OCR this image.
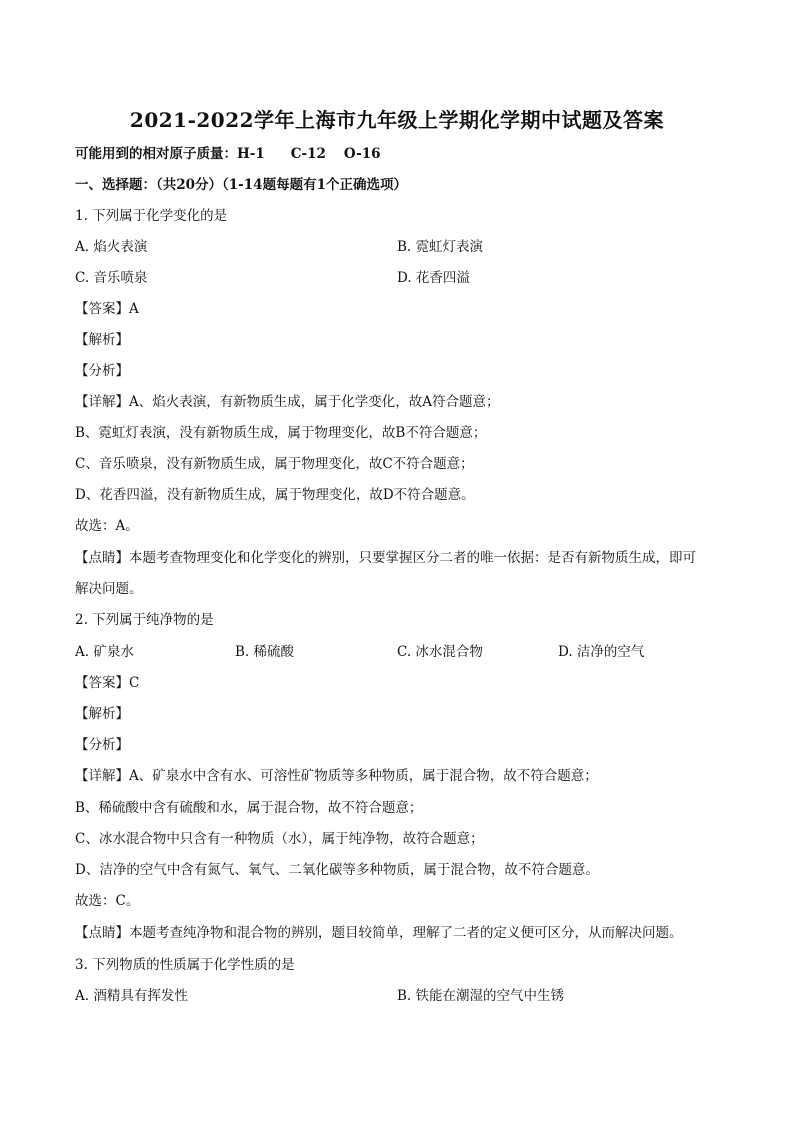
2021-2022学年上海市九年级上学期化学期中试题及答案
可能用到的相对原子质量：H-1 C-12 O-16
一、选择题：（共20分）（1-14题每题有1个正确选项）
1. 下列属于化学变化的是
A. 焰火表演	B. 霓虹灯表演
C. 音乐喷泉	D. 花香四溢
【答案】A
【解析】
【分析】
【详解】A、焰火表演，有新物质生成，属于化学变化，故A符合题意；
B、霓虹灯表演，没有新物质生成，属于物理变化，故B不符合题意；
C、音乐喷泉，没有新物质生成，属于物理变化，故C不符合题意；
D、花香四溢，没有新物质生成，属于物理变化，故D不符合题意。
故选：A。
【点睛】本题考查物理变化和化学变化的辨别，只要掌握区分二者的唯一依据：是否有新物质生成，即可
解决问题。
2. 下列属于纯净物的是
A. 矿泉水	B. 稀硫酸	C. 冰水混合物	D. 洁净的空气
【答案】C
【解析】
【分析】
【详解】A、矿泉水中含有水、可溶性矿物质等多种物质，属于混合物，故不符合题意；
B、稀硫酸中含有硫酸和水，属于混合物，故不符合题意；
C、冰水混合物中只含有一种物质（水），属于纯净物，故符合题意；
D、洁净的空气中含有氮气、氧气、二氧化碳等多种物质，属于混合物，故不符合题意。
故选：C。
【点睛】本题考查纯净物和混合物的辨别，题目较简单，理解了二者的定义便可区分，从而解决问题。
3. 下列物质的性质属于化学性质的是
A. 酒精具有挥发性	B. 铁能在潮湿的空气中生锈
